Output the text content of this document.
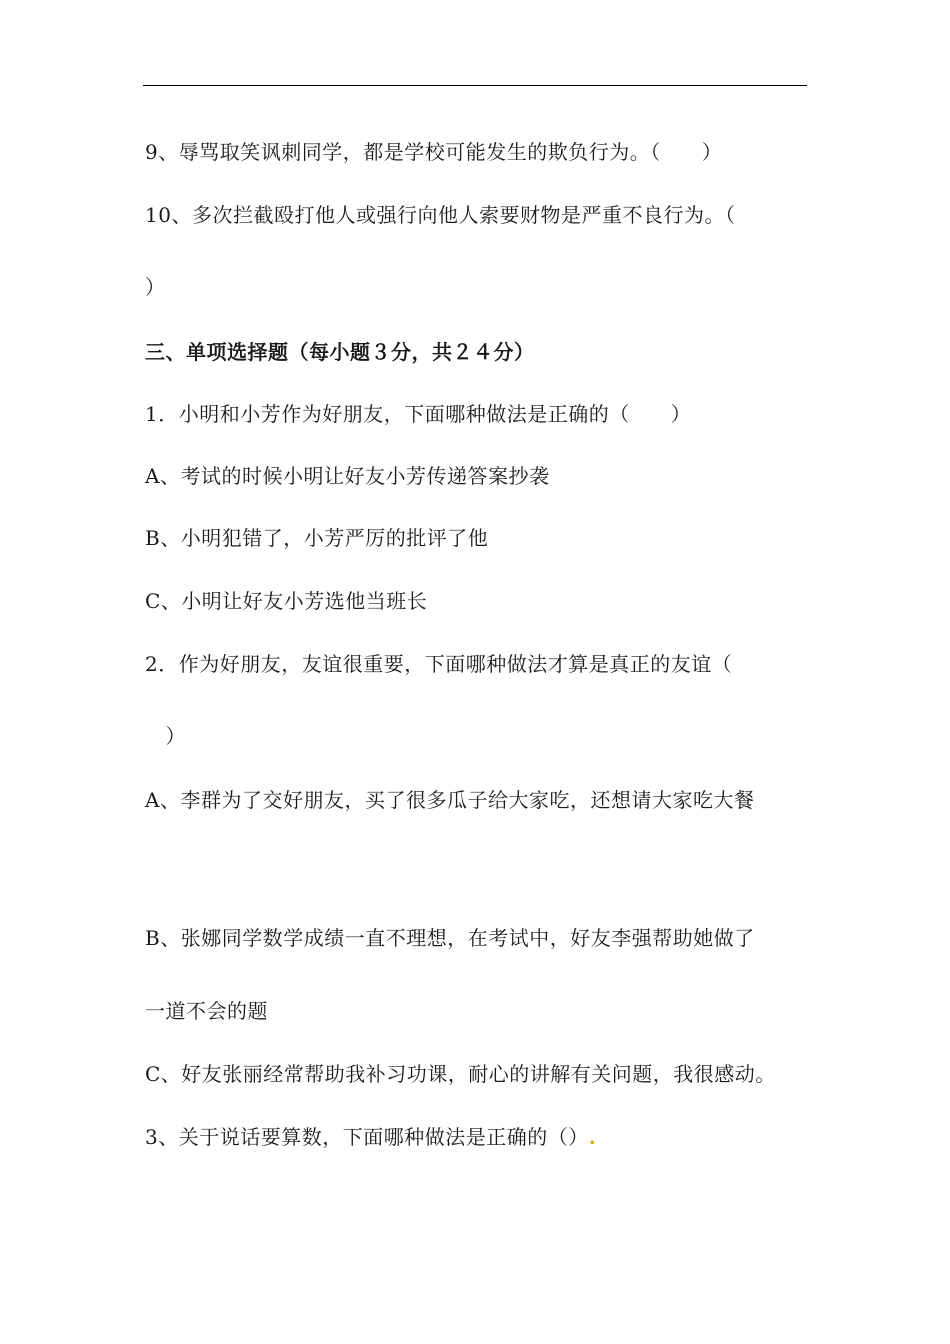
9、辱骂取笑讽刺同学，都是学校可能发生的欺负行为。（　　）
10、多次拦截殴打他人或强行向他人索要财物是严重不良行为。（
）
三、单项选择题（每小题３分，共２４分）
1．小明和小芳作为好朋友，下面哪种做法是正确的（　　）
A、考试的时候小明让好友小芳传递答案抄袭
B、小明犯错了，小芳严厉的批评了他
C、小明让好友小芳选他当班长
2．作为好朋友，友谊很重要，下面哪种做法才算是真正的友谊（
　）
A、李群为了交好朋友，买了很多瓜子给大家吃，还想请大家吃大餐
B、张娜同学数学成绩一直不理想，在考试中，好友李强帮助她做了
一道不会的题
C、好友张丽经常帮助我补习功课，耐心的讲解有关问题，我很感动。
3、关于说话要算数，下面哪种做法是正确的（）.
